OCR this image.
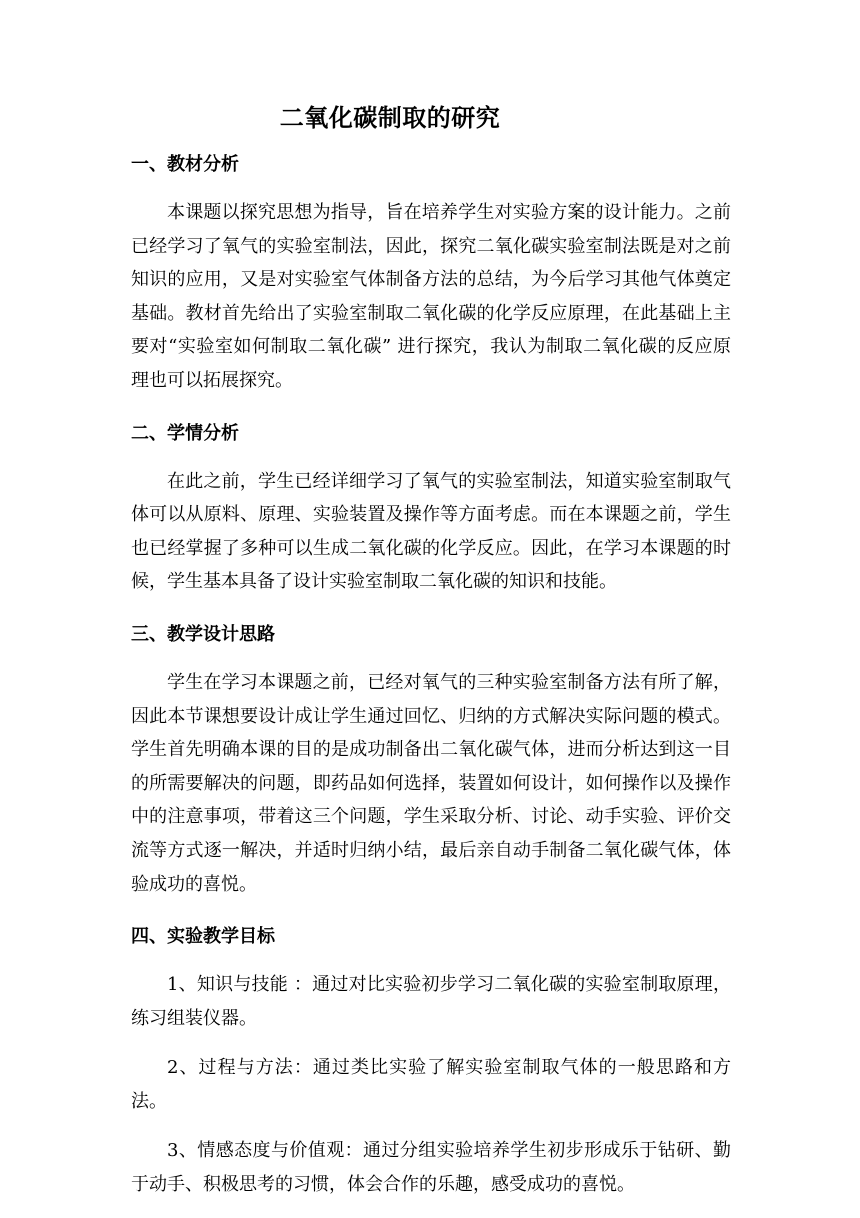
二氧化碳制取的研究
一、教材分析

本课题以探究思想为指导，旨在培养学生对实验方案的设计能力。之前已经学习了氧气的实验室制法，因此，探究二氧化碳实验室制法既是对之前知识的应用，又是对实验室气体制备方法的总结，为今后学习其他气体奠定基础。教材首先给出了实验室制取二氧化碳的化学反应原理，在此基础上主要对“实验室如何制取二氧化碳” 进行探究，我认为制取二氧化碳的反应原理也可以拓展探究。

二、学情分析

在此之前，学生已经详细学习了氧气的实验室制法，知道实验室制取气体可以从原料、原理、实验装置及操作等方面考虑。而在本课题之前，学生也已经掌握了多种可以生成二氧化碳的化学反应。因此，在学习本课题的时候，学生基本具备了设计实验室制取二氧化碳的知识和技能。

三、教学设计思路

学生在学习本课题之前，已经对氧气的三种实验室制备方法有所了解，因此本节课想要设计成让学生通过回忆、归纳的方式解决实际问题的模式。学生首先明确本课的目的是成功制备出二氧化碳气体，进而分析达到这一目的所需要解决的问题，即药品如何选择，装置如何设计，如何操作以及操作中的注意事项，带着这三个问题，学生采取分析、讨论、动手实验、评价交流等方式逐一解决，并适时归纳小结，最后亲自动手制备二氧化碳气体，体验成功的喜悦。

四、实验教学目标

1、知识与技能 ：通过对比实验初步学习二氧化碳的实验室制取原理，练习组装仪器。

2、过程与方法：通过类比实验了解实验室制取气体的一般思路和方法。

3、情感态度与价值观：通过分组实验培养学生初步形成乐于钻研、勤于动手、积极思考的习惯，体会合作的乐趣，感受成功的喜悦。
